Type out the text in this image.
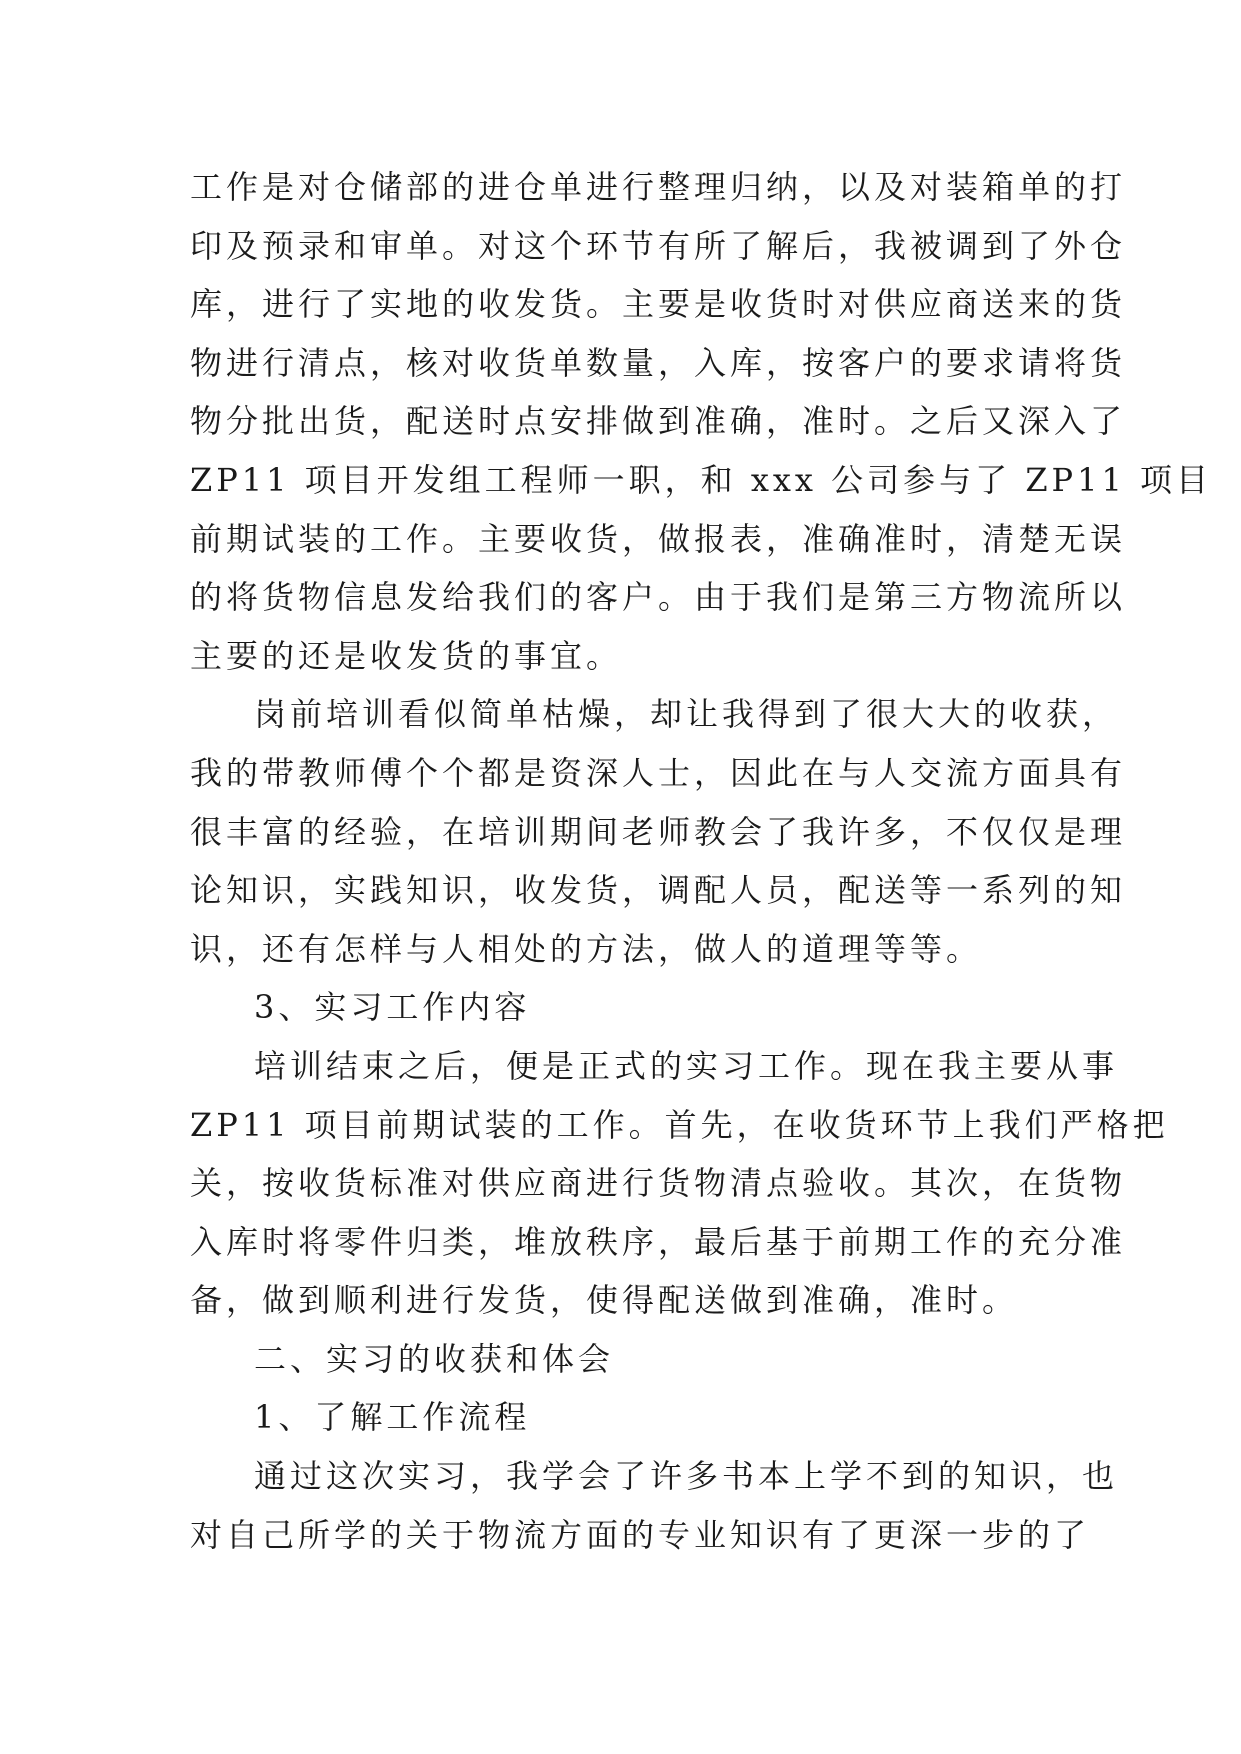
工作是对仓储部的进仓单进行整理归纳，以及对装箱单的打
印及预录和审单。对这个环节有所了解后，我被调到了外仓
库，进行了实地的收发货。主要是收货时对供应商送来的货
物进行清点，核对收货单数量，入库，按客户的要求请将货
物分批出货，配送时点安排做到准确，准时。之后又深入了
ZP11 项目开发组工程师一职，和 xxx 公司参与了 ZP11 项目
前期试装的工作。主要收货，做报表，准确准时，清楚无误
的将货物信息发给我们的客户。由于我们是第三方物流所以
主要的还是收发货的事宜。
岗前培训看似简单枯燥，却让我得到了很大大的收获，
我的带教师傅个个都是资深人士，因此在与人交流方面具有
很丰富的经验，在培训期间老师教会了我许多，不仅仅是理
论知识，实践知识，收发货，调配人员，配送等一系列的知
识，还有怎样与人相处的方法，做人的道理等等。
3、实习工作内容
培训结束之后，便是正式的实习工作。现在我主要从事
ZP11 项目前期试装的工作。首先，在收货环节上我们严格把
关，按收货标准对供应商进行货物清点验收。其次，在货物
入库时将零件归类，堆放秩序，最后基于前期工作的充分准
备，做到顺利进行发货，使得配送做到准确，准时。
二、实习的收获和体会
1、了解工作流程
通过这次实习，我学会了许多书本上学不到的知识，也
对自己所学的关于物流方面的专业知识有了更深一步的了
